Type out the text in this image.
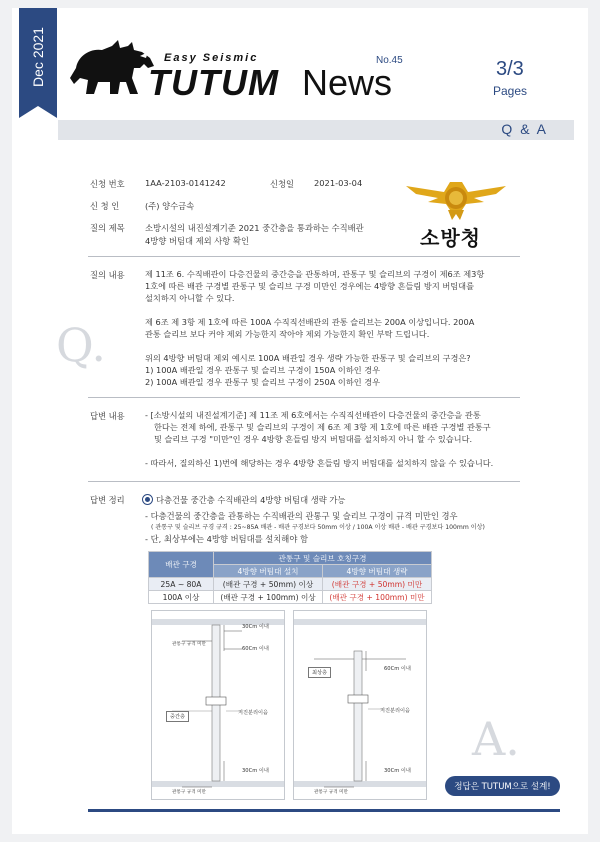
Dec 2021	Easy Seismic
TUTUM News
No.45	3/3
Pages
Q & A
신청 번호 1AA-2103-0141242	신청일 2021-03-04
신 청 인	(주) 양수금속
질의 제목 소방시설의 내진설계기준 2021 중간층을 통과하는 수직배관
4방향 버팀대 제외 사항 확인	소방청
질의 내용 제 11조 6. 수직배관이 다층건물의 중간층을 관통하며, 관통구 및 슬리브의 구경이 제6조 제3항
1호에 따른 배관 구경별 관통구 및 슬리브 구경 미만인 경우에는 4방향 흔들림 방지 버팀대를
설치하지 아니할 수 있다.
제 6조 제 3항 제 1호에 따른 100A 수직직선배관의 관통 슬리브는 200A 이상입니다. 200A
관통 슬리브 보다 커야 제외 가능한지 작아야 제외 가능한지 확인 부탁 드립니다.
위의 4방향 버팀대 제외 예시로 100A 배관일 경우 생략 가능한 관통구 및 슬리브의 구경은?
1) 100A 배관일 경우 관통구 및 슬리브 구경이 150A 이하인 경우
2) 100A 배관일 경우 관통구 및 슬리브 구경이 250A 이하인 경우
Q.
답변 내용 - [소방시설의 내진설계기준] 제 11조 제 6호에서는 수직직선배관이 다층건물의 중간층을 관통
한다는 전제 하에, 관통구 및 슬리브의 구경이 제 6조 제 3항 제 1호에 따른 배관 구경별 관통구
및 슬리브 구경 "미만"인 경우 4방향 흔들림 방지 버팀대를 설치하지 아니 할 수 있습니다.
- 따라서, 질의하신 1)번에 해당하는 경우 4방향 흔들림 방지 버팀대를 설치하지 않을 수 있습니다.
답변 정리	다층건물 중간층 수직배관의 4방향 버팀대 생략 가능
- 다층건물의 중간층을 관통하는 수직배관의 관통구 및 슬리브 구경이 규격 미만인 경우
( 관통구 및 슬리브 구경 규격 : 25~85A 배관 - 배관 구경보다 50mm 이상 / 100A 이상 배관 - 배관 구경보다 100mm 이상)
- 단, 최상부에는 4방향 버팀대를 설치해야 함
배관 구경	관통구 및 슬리브 호칭구경	
	4방향 버팀대 설치	4방향 버팀대 생략
25A ~ 80A	(배관 구경 + 50mm) 이상	(배관 구경 + 50mm) 미만
100A 이상	(배관 구경 + 100mm) 이상	(배관 구경 + 100mm) 미만
30Cm 이내
60Cm 이내
지진분리이음
30Cm 이내
관통구 규격 미만
관통구 규격 미만
중간층
60Cm 이내
지진분리이음
30Cm 이내
관통구 규격 미만
최상층
A.
정답은 TUTUM으로 설계!
